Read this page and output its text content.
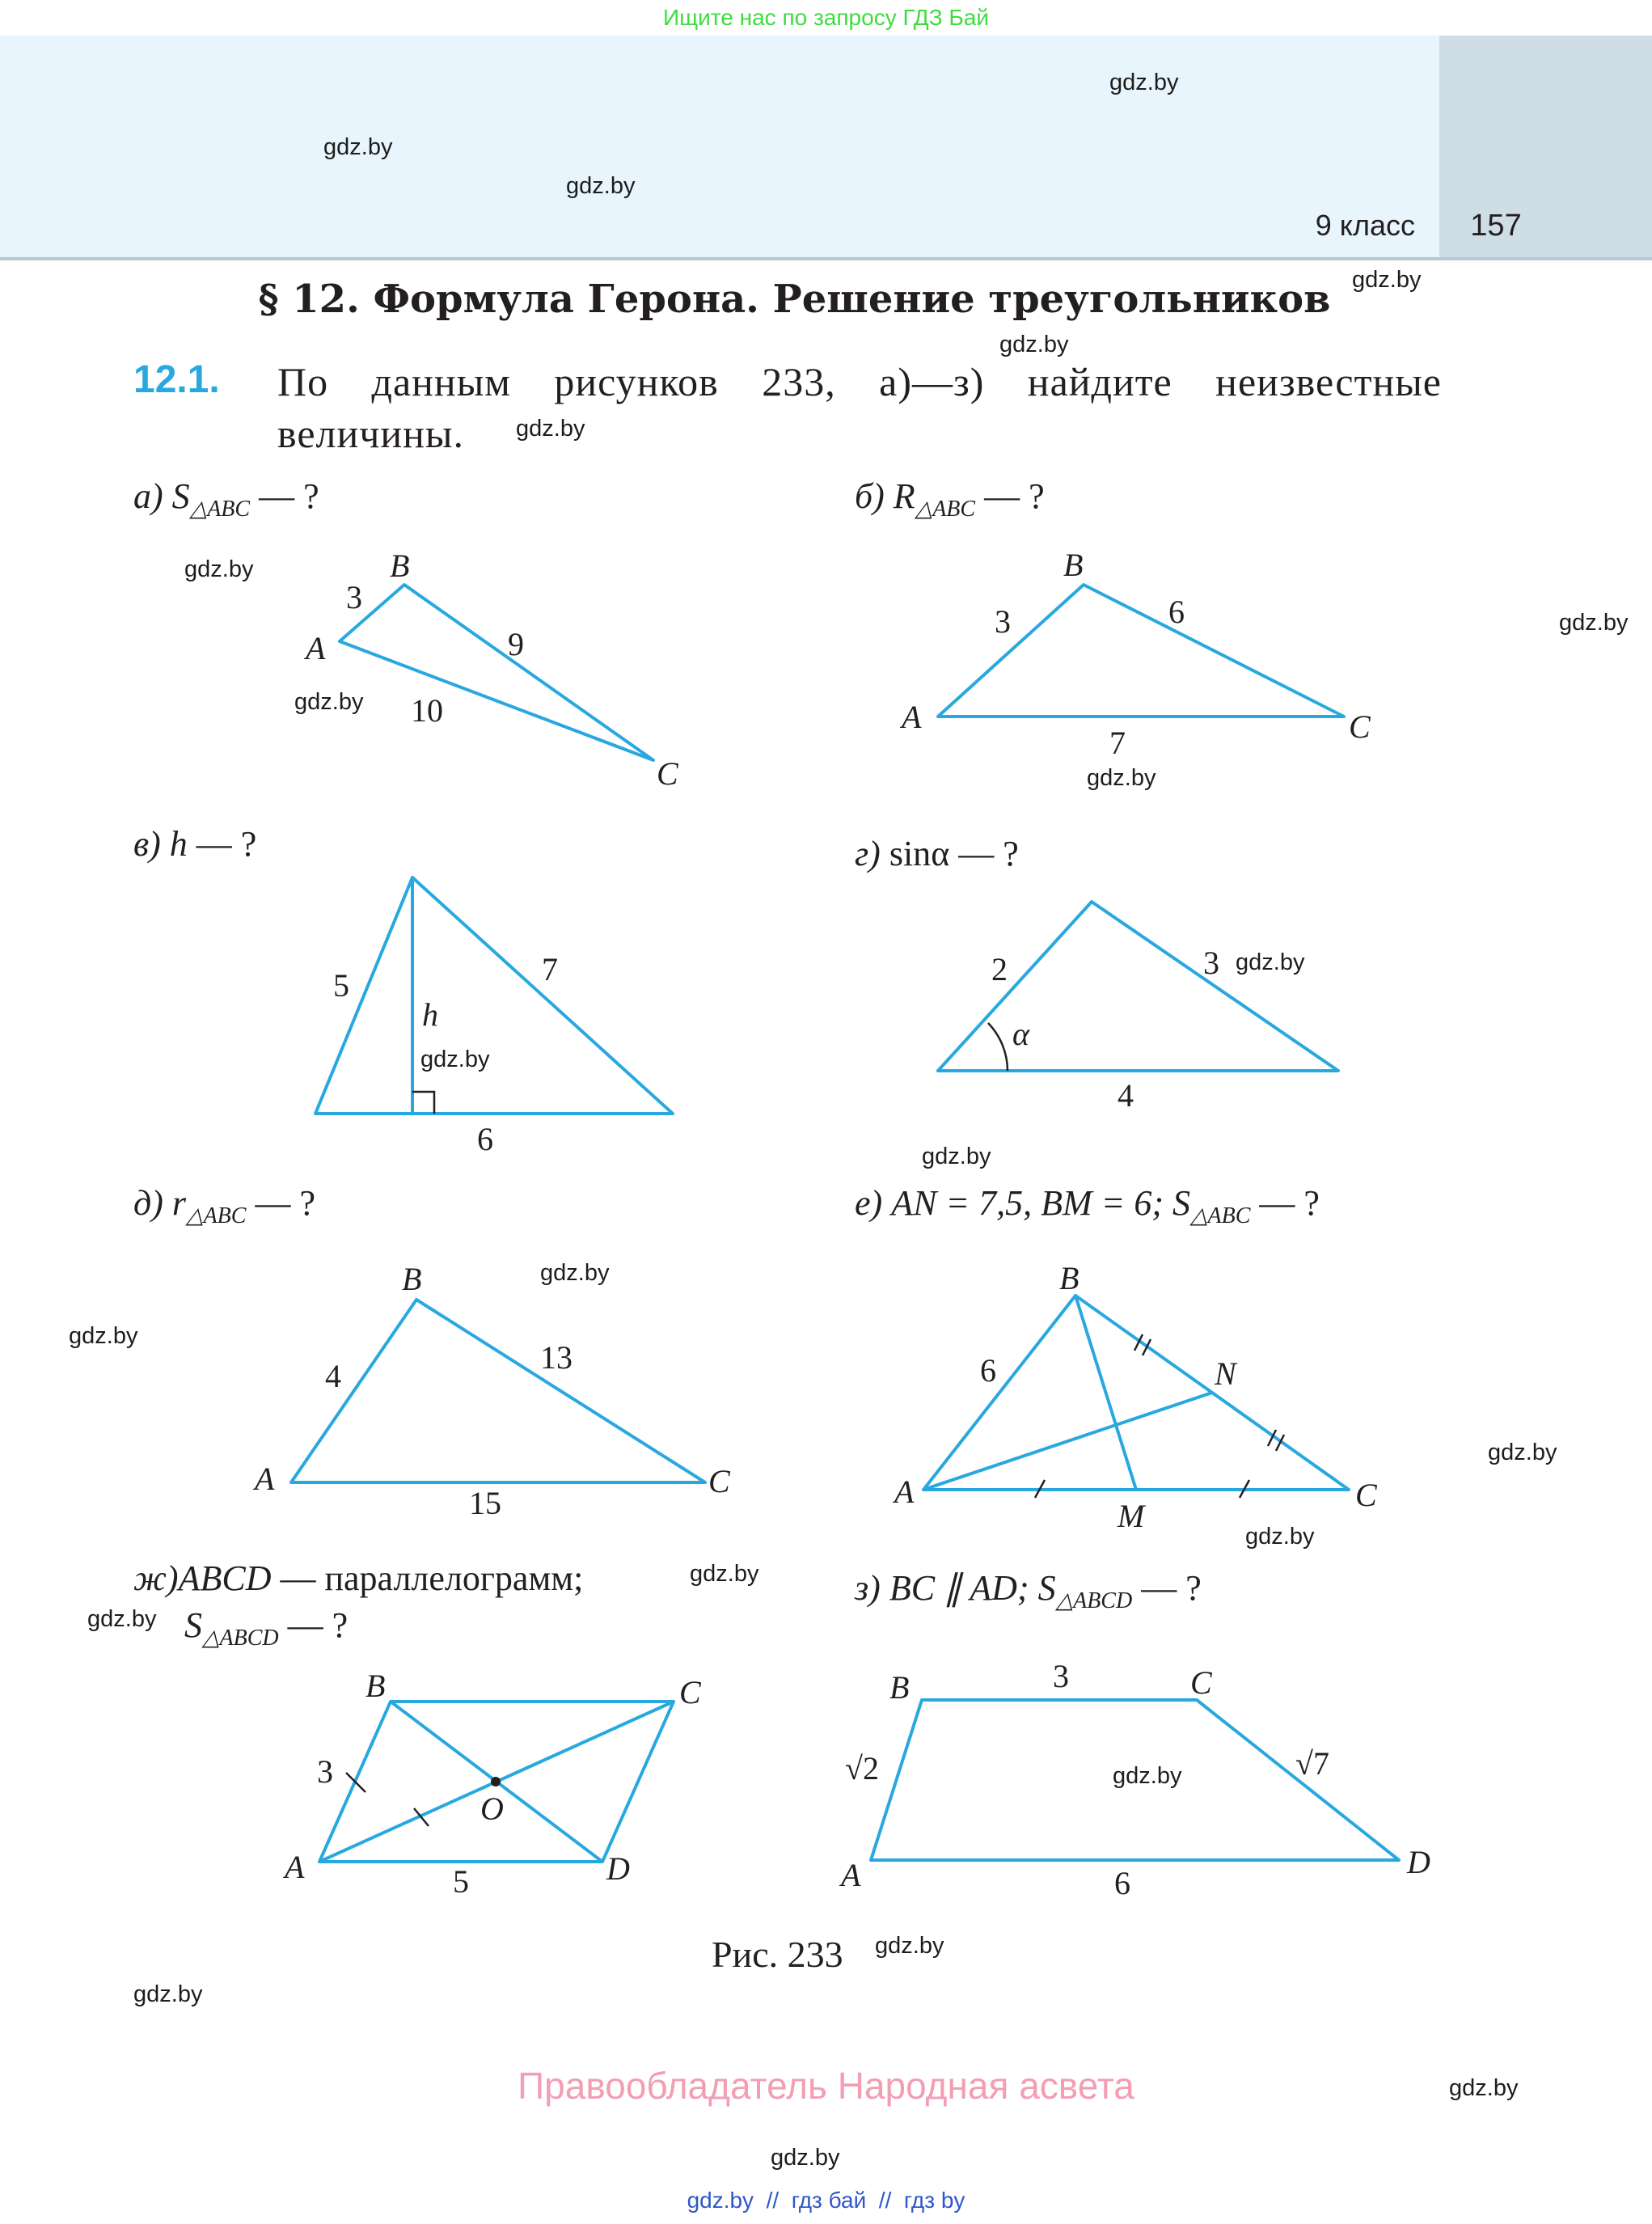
Ищите нас по запросу ГДЗ Бай
9 класс	157
gdz.by
gdz.by
gdz.by
gdz.by
gdz.by
gdz.by
gdz.by
gdz.by
gdz.by
gdz.by
gdz.by
gdz.by
gdz.by
gdz.by
gdz.by
gdz.by
gdz.by
gdz.by
gdz.by
gdz.by
gdz.by
gdz.by
gdz.by
gdz.by
§ 12. Формула Герона. Решение треугольников
12.1. По данным рисунков 233, а)—з) найдите неизвестные величины.
а) $S_{\triangle ABC}$ — ?	б) $R_{\triangle ABC}$ — ?
в) h — ?	г) sinα — ?
д) $r_{\triangle ABC}$ — ?	е) AN = 7,5, BM = 6; $S_{\triangle ABC}$ — ?
ж)ABCD — параллелограмм;
$S_{\triangle ABCD}$ — ?
з) BC ∥ AD; $S_{\triangle ABCD}$ — ?
A
B
C
3
9
10	A
B
C
3	6
7
h
5	7
6
α
2	3
4
A
B
C
4
13
15	A
B
C
N
M
6
A
B	C
D
O
3
5	A
B	C
D
3
√2	√7
6
Рис. 233
Правообладатель Народная асвета
gdz.by  //  гдз бай  //  гдз by
